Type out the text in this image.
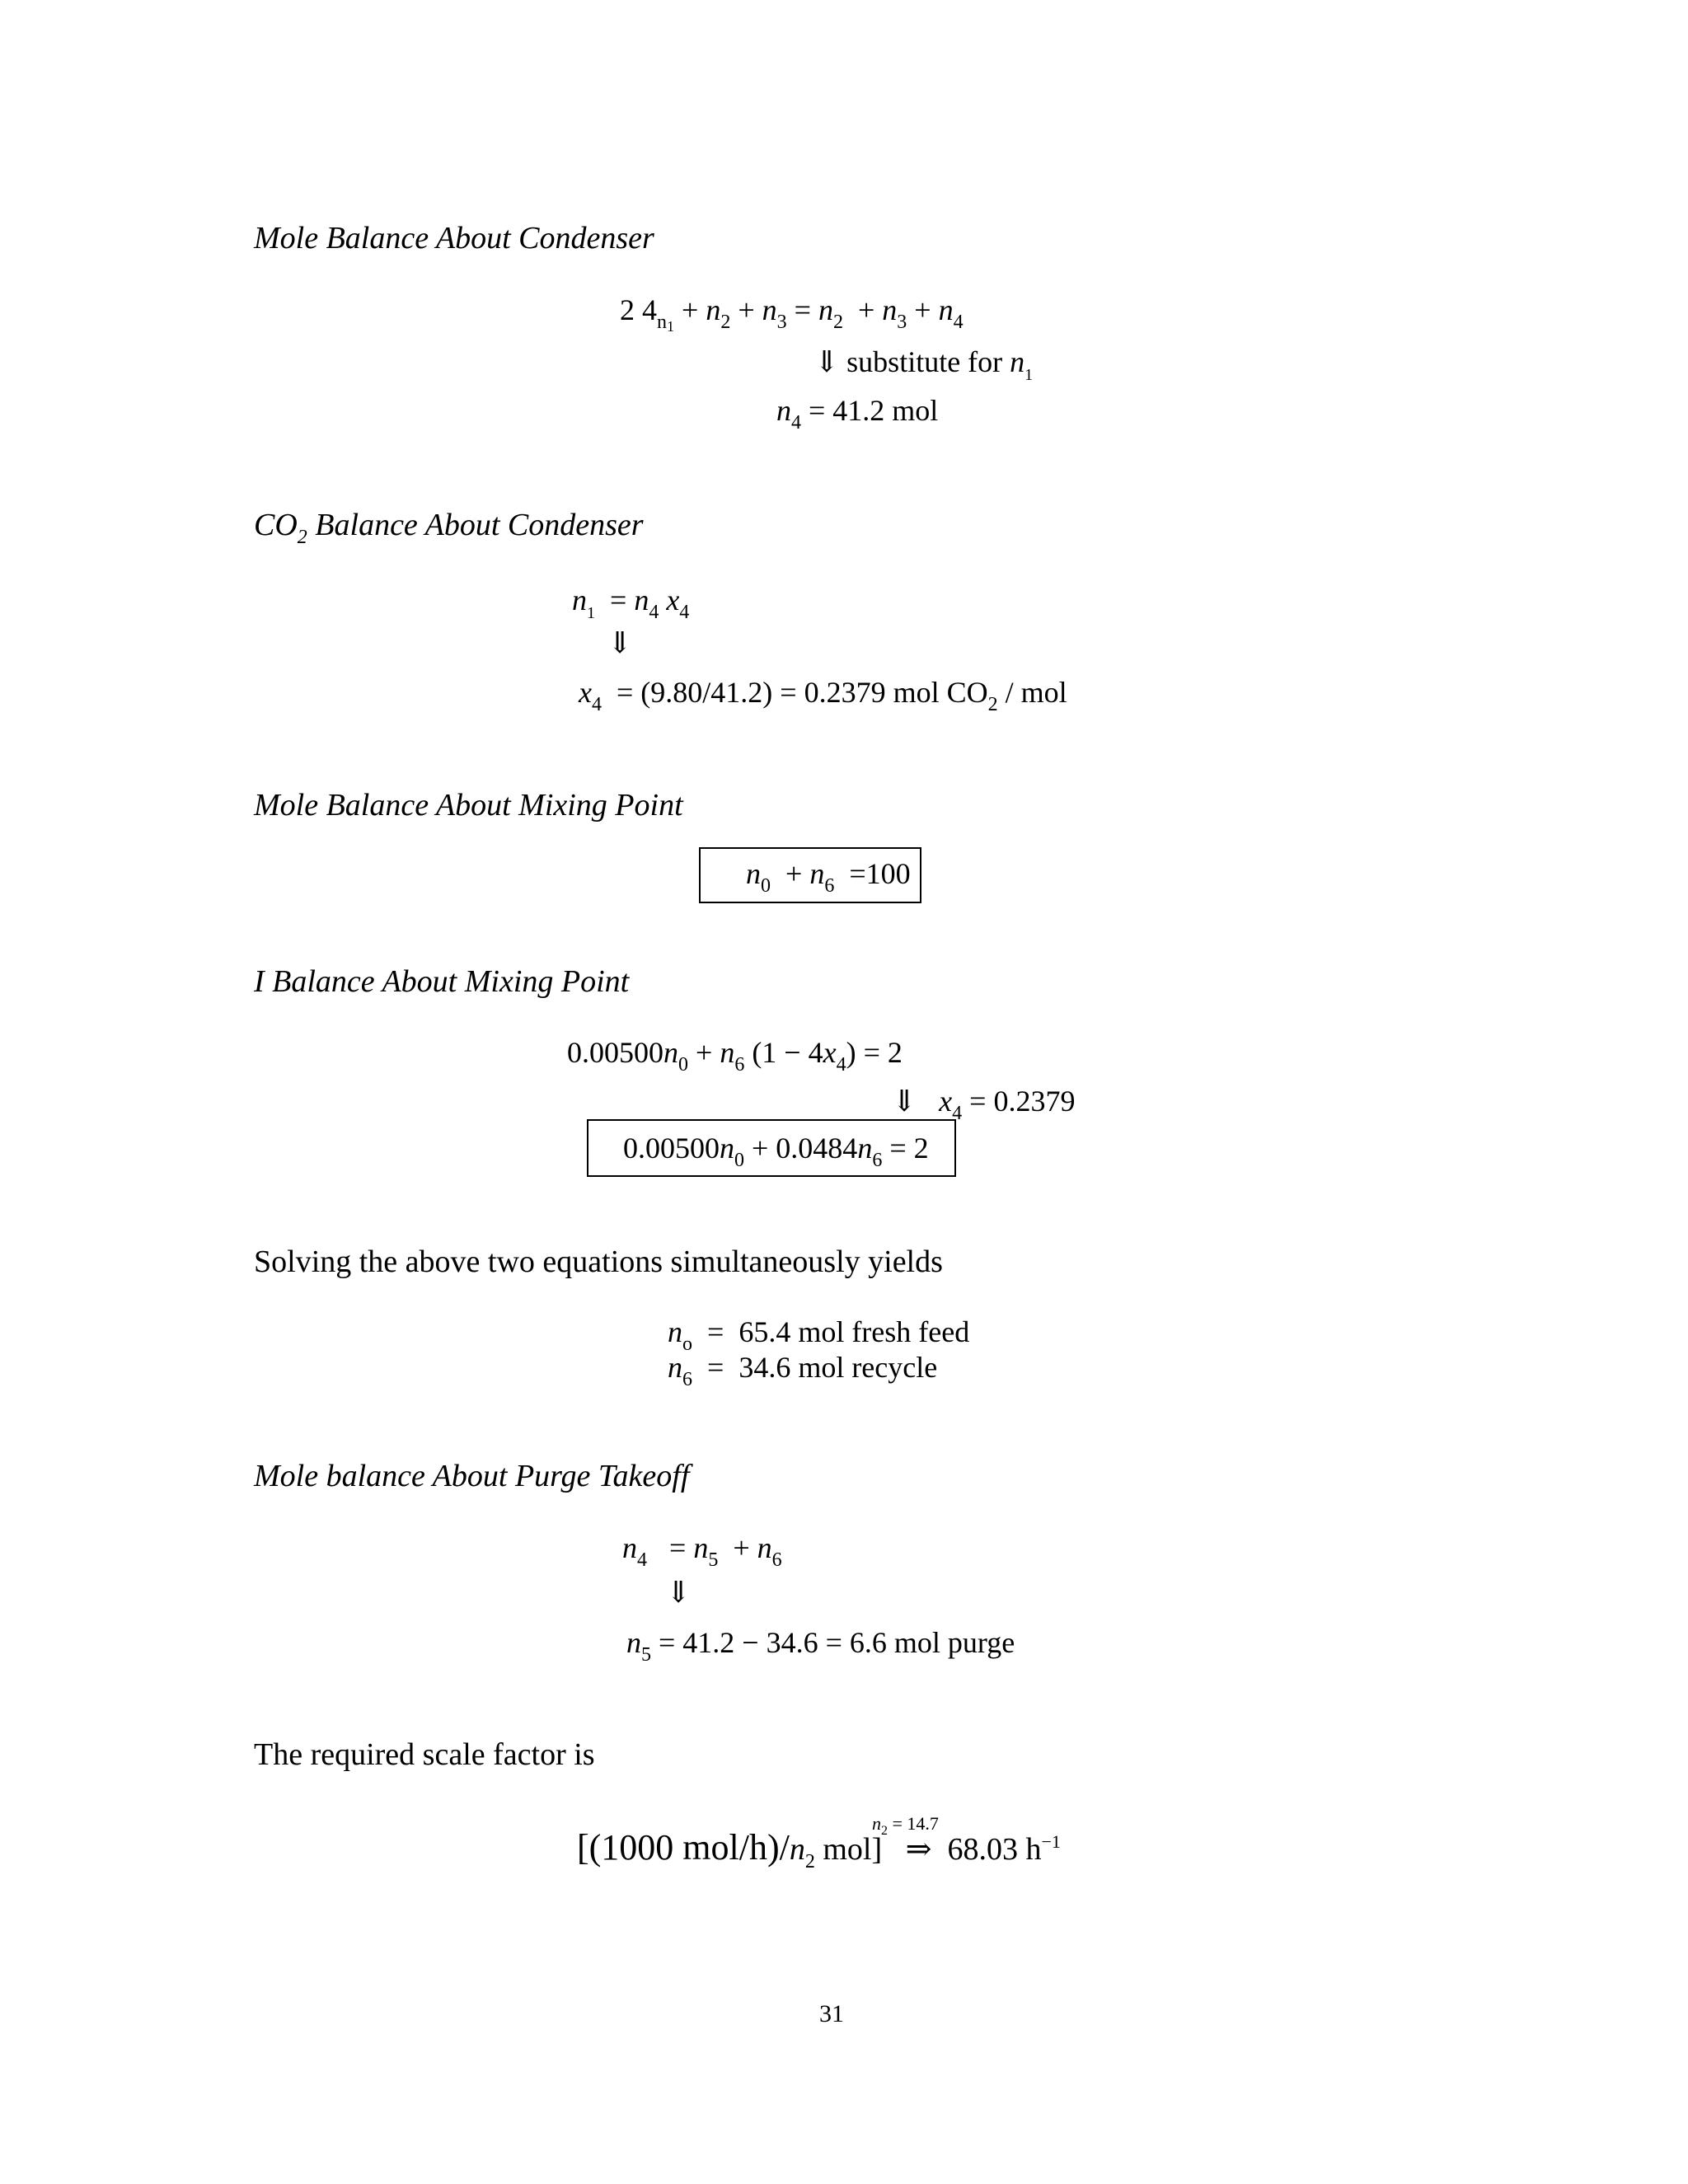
Mole Balance About Condenser
2 $4_{n1} + n_2 + n_3 = n_2 + n_3 + n_4$
⇓ substitute for $n_1$
$n_4 = 41.2$ mol
$CO_2$ Balance About Condenser
$n_1 = n_4$ $x_4$
⇓
$x_4 = (9.80/41.2) = 0.2379$ mol $CO_2$ / mol
Mole Balance About Mixing Point
$n_0 + n_6 =100$
I Balance About Mixing Point
$0.00500n_0 + n_6$ $(1 - 4x_4) = 2$
⇓ $x_4 = 0.2379$
$0.00500n_0 + 0.0484n_6 = 2$
Solving the above two equations simultaneously yields
$n_o = 65.4$ mol fresh feed
$n_6 = 34.6$ mol recycle
Mole balance About Purge Takeoff
$n_4 = n_5 + n_6$
⇓
$n_5 = 41.2 - 34.6 = 6.6$ mol purge
The required scale factor is
$n_2 = 14.7$
[(1000 mol/$h)/n_2$ mol] ⇒ 68.03 $h^{-1}$
31
